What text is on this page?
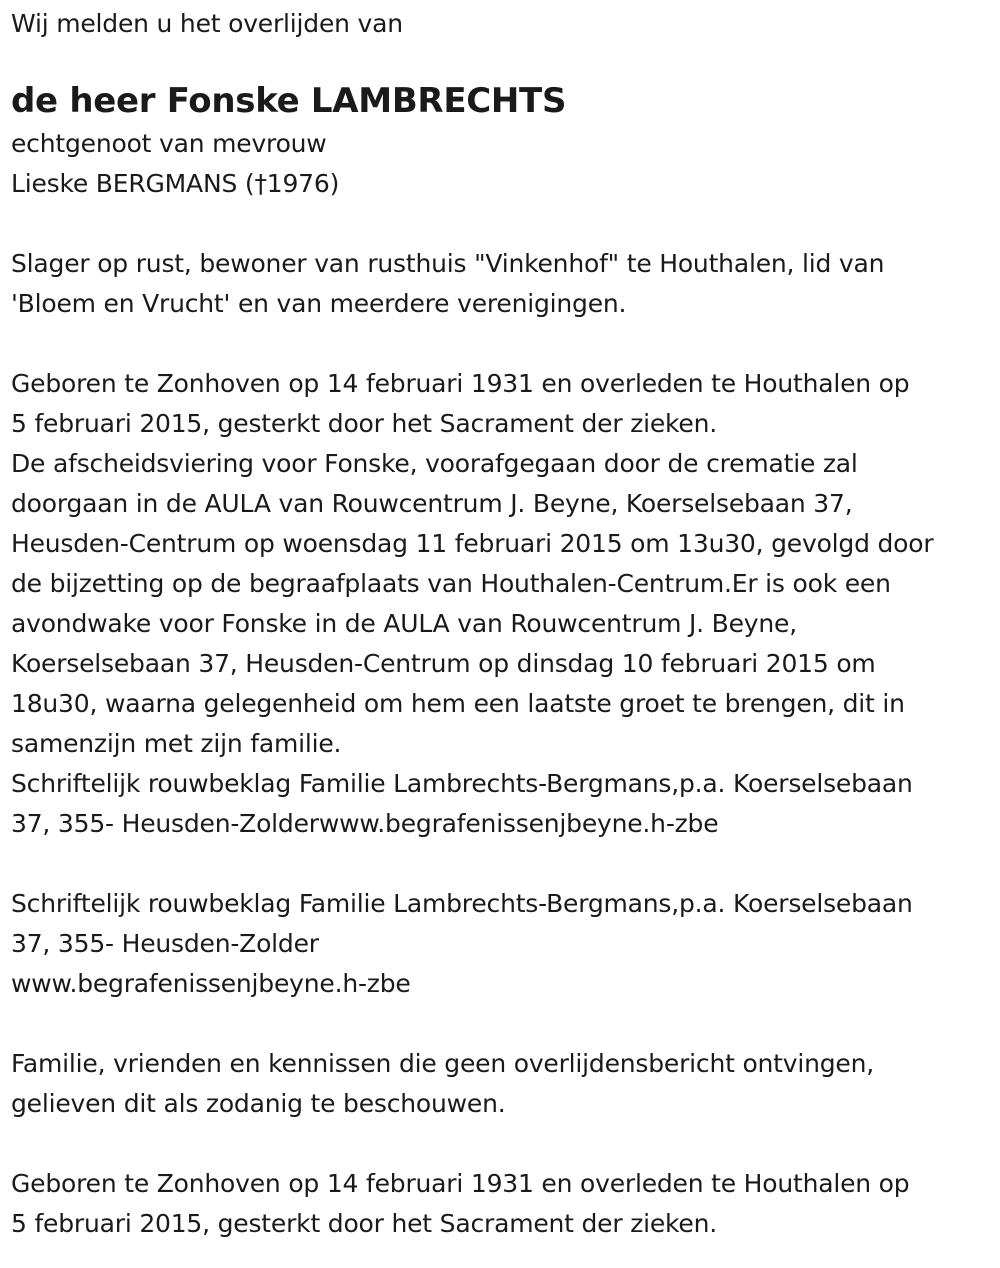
Wij melden u het overlijden van
de heer Fonske LAMBRECHTS
echtgenoot van mevrouw
Lieske BERGMANS (†1976)
Slager op rust, bewoner van rusthuis "Vinkenhof" te Houthalen, lid van
'Bloem en Vrucht' en van meerdere verenigingen.
Geboren te Zonhoven op 14 februari 1931 en overleden te Houthalen op
5 februari 2015, gesterkt door het Sacrament der zieken.
De afscheidsviering voor Fonske, voorafgegaan door de crematie zal
doorgaan in de AULA van Rouwcentrum J. Beyne, Koerselsebaan 37,
Heusden-Centrum op woensdag 11 februari 2015 om 13u30, gevolgd door
de bijzetting op de begraafplaats van Houthalen-Centrum.Er is ook een
avondwake voor Fonske in de AULA van Rouwcentrum J. Beyne,
Koerselsebaan 37, Heusden-Centrum op dinsdag 10 februari 2015 om
18u30, waarna gelegenheid om hem een laatste groet te brengen, dit in
samenzijn met zijn familie.
Schriftelijk rouwbeklag Familie Lambrechts-Bergmans,p.a. Koerselsebaan
37, 355- Heusden-Zolderwww.begrafenissenjbeyne.h-zbe
Schriftelijk rouwbeklag Familie Lambrechts-Bergmans,p.a. Koerselsebaan
37, 355- Heusden-Zolder
www.begrafenissenjbeyne.h-zbe
Familie, vrienden en kennissen die geen overlijdensbericht ontvingen,
gelieven dit als zodanig te beschouwen.
Geboren te Zonhoven op 14 februari 1931 en overleden te Houthalen op
5 februari 2015, gesterkt door het Sacrament der zieken.
